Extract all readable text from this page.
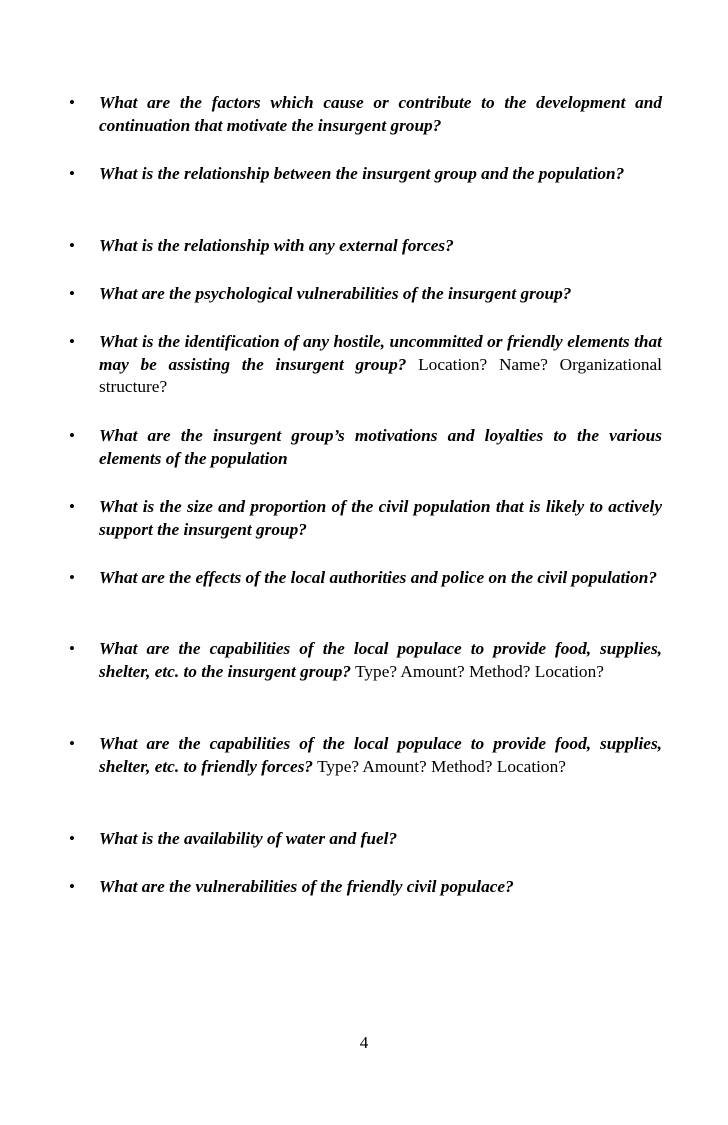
• What are the factors which cause or contribute to the development and continuation that motivate the insurgent group?

• What is the relationship between the insurgent group and the population?

• What is the relationship with any external forces?

• What are the psychological vulnerabilities of the insurgent group?

• What is the identification of any hostile, uncommitted or friendly elements that may be assisting the insurgent group? Location? Name? Organizational structure?

• What are the insurgent group’s motivations and loyalties to the various elements of the population

• What is the size and proportion of the civil population that is likely to actively support the insurgent group?

• What are the effects of the local authorities and police on the civil population?

• What are the capabilities of the local populace to provide food, supplies, shelter, etc. to the insurgent group? Type? Amount? Method? Location?

• What are the capabilities of the local populace to provide food, supplies, shelter, etc. to friendly forces? Type? Amount? Method? Location?

• What is the availability of water and fuel?

• What are the vulnerabilities of the friendly civil populace?

4
